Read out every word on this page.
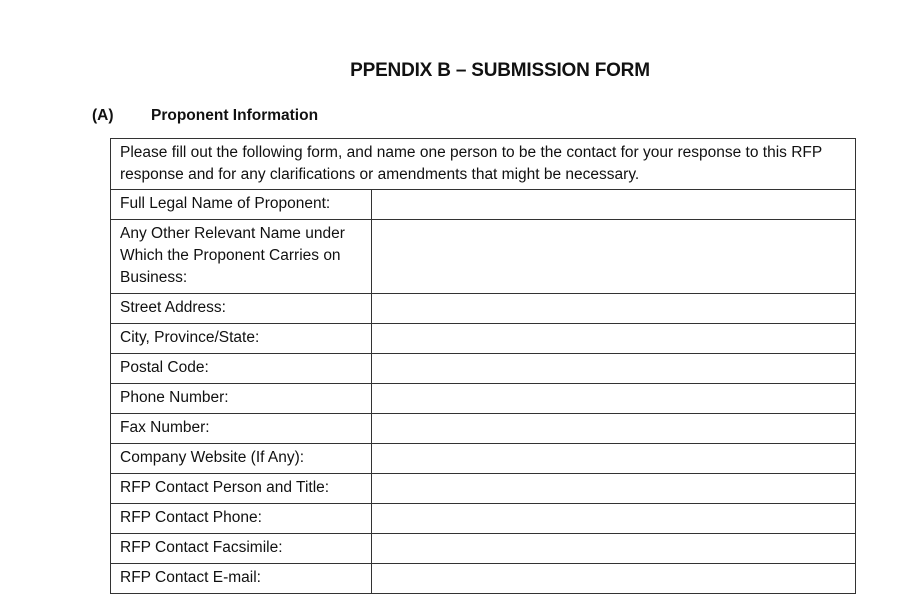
PPENDIX B – SUBMISSION FORM
(A)	Proponent Information
Please fill out the following form, and name one person to be the contact for your response to this RFP response and for any clarifications or amendments that might be necessary.	
Full Legal Name of Proponent:	
Any Other Relevant Name under Which the Proponent Carries on Business:	
Street Address:	
City, Province/State:	
Postal Code:	
Phone Number:	
Fax Number:	
Company Website (If Any):	
RFP Contact Person and Title:	
RFP Contact Phone:	
RFP Contact Facsimile:	
RFP Contact E-mail:	
